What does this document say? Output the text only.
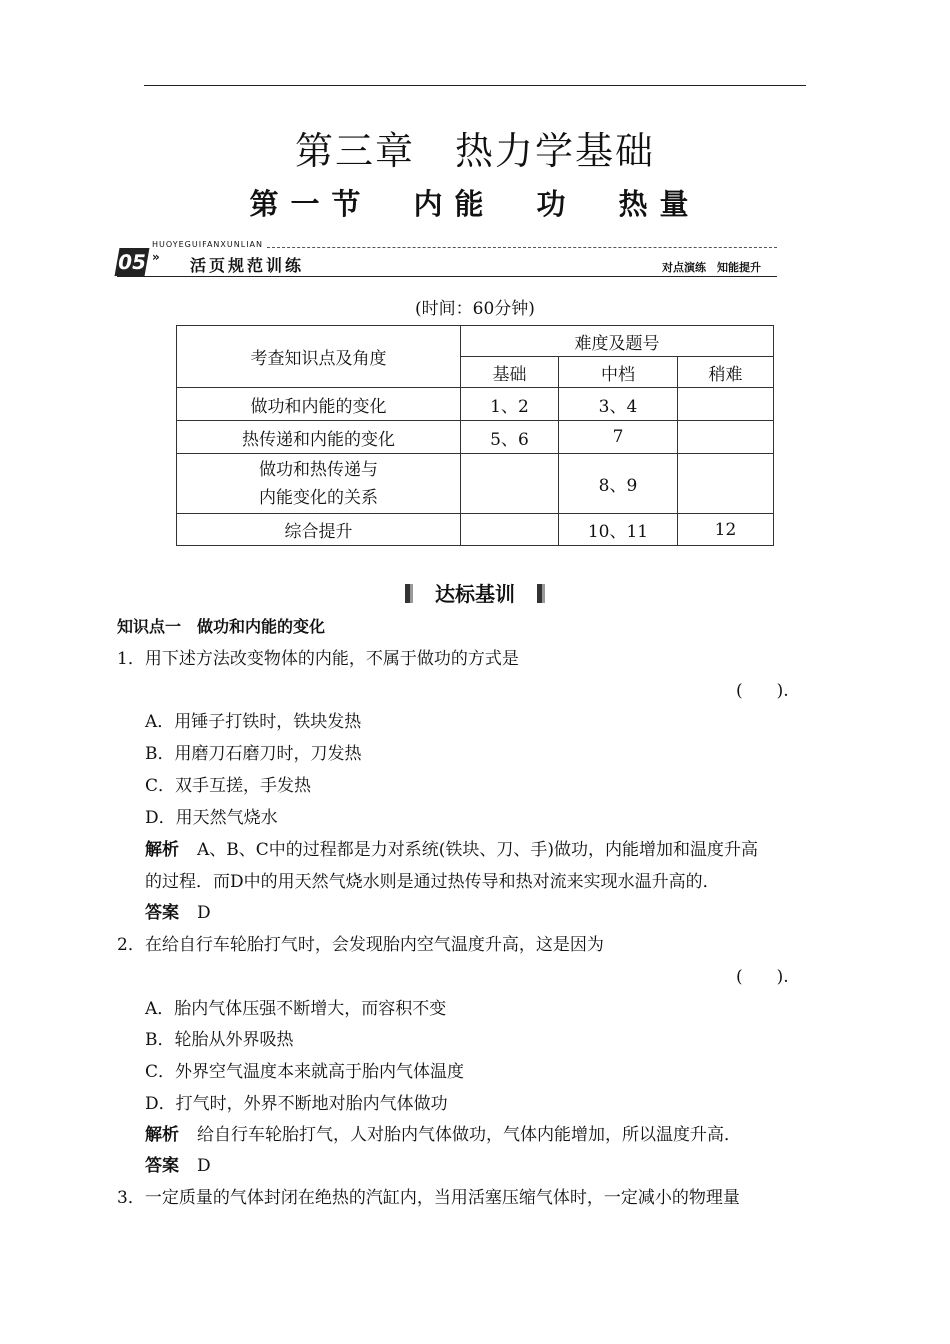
第三章　热力学基础
第一节　内能　功　热量
HUOYEGUIFANXUNLIAN
05 » 活页规范训练	对点演练　知能提升
(时间：60分钟)
考查知识点及角度	难度及题号		
	基础	中档	稍难
做功和内能的变化	1、2	3、4	
热传递和内能的变化	5、6	7	

做功和热传递与
内能变化的关系		8、9	
综合提升		10、11	12
达标基训
知识点一　做功和内能的变化
1．用下述方法改变物体的内能，不属于做功的方式是
(　　).
A．用锤子打铁时，铁块发热
B．用磨刀石磨刀时，刀发热
C．双手互搓，手发热
D．用天然气烧水
解析 A、B、C中的过程都是力对系统(铁块、刀、手)做功，内能增加和温度升高
的过程．而D中的用天然气烧水则是通过热传导和热对流来实现水温升高的．
答案 D
2．在给自行车轮胎打气时，会发现胎内空气温度升高，这是因为
(　　).
A．胎内气体压强不断增大，而容积不变
B．轮胎从外界吸热
C．外界空气温度本来就高于胎内气体温度
D．打气时，外界不断地对胎内气体做功
解析 给自行车轮胎打气，人对胎内气体做功，气体内能增加，所以温度升高．
答案 D
3．一定质量的气体封闭在绝热的汽缸内，当用活塞压缩气体时，一定减小的物理量
